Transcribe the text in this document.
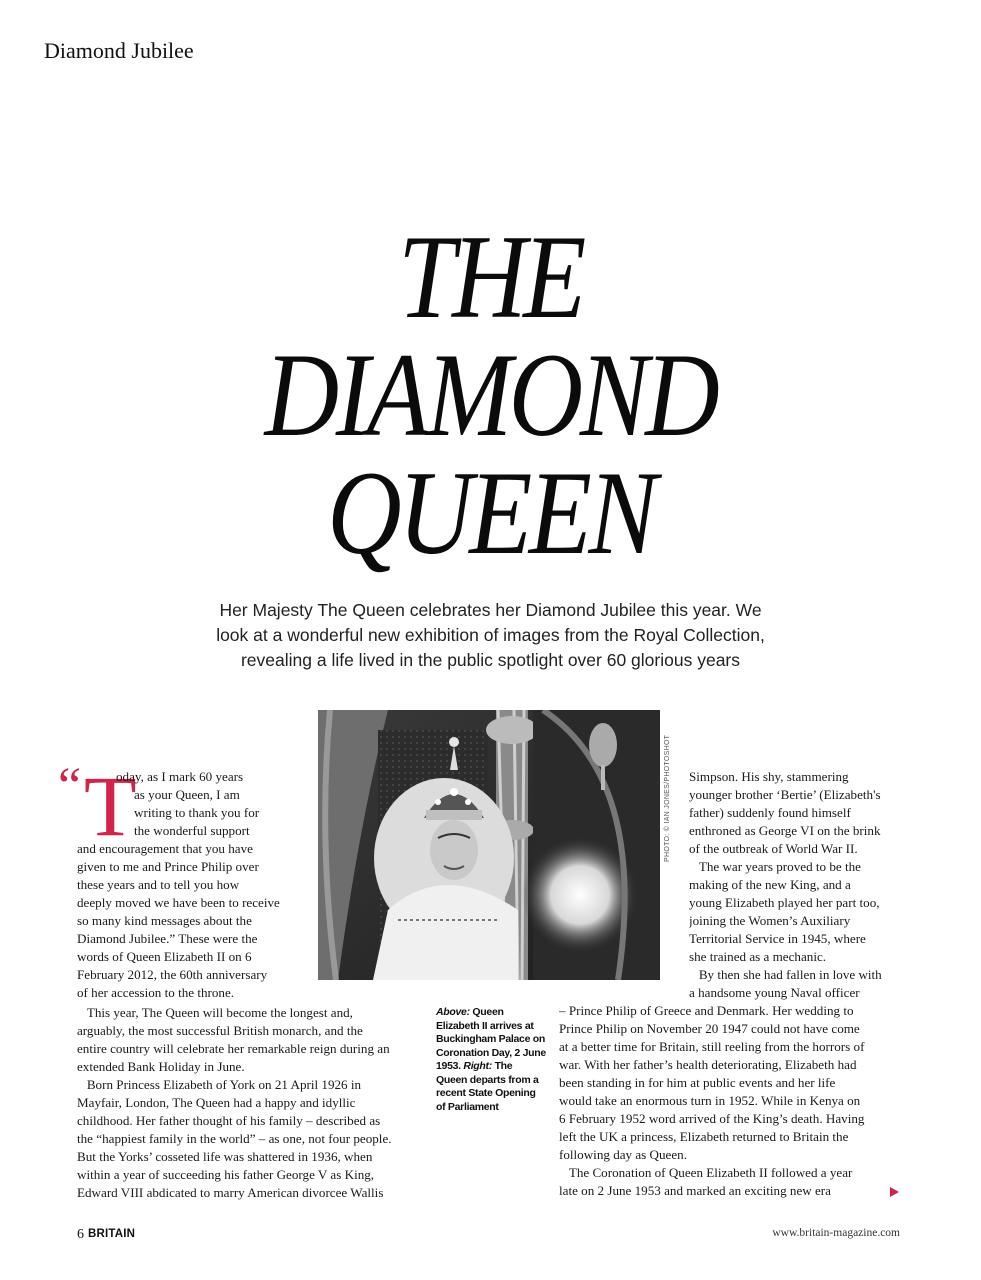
Diamond Jubilee
THE
DIAMOND
QUEEN
Her Majesty The Queen celebrates her Diamond Jubilee this year. We
look at a wonderful new exhibition of images from the Royal Collection,
revealing a life lived in the public spotlight over 60 glorious years
“ T
oday, as I mark 60 years
as your Queen, I am
writing to thank you for
the wonderful support
and encouragement that you have
given to me and Prince Philip over
these years and to tell you how
deeply moved we have been to receive
so many kind messages about the
Diamond Jubilee.” These were the
words of Queen Elizabeth II on 6
February 2012, the 60th anniversary
of her accession to the throne.
This year, The Queen will become the longest and,
arguably, the most successful British monarch, and the
entire country will celebrate her remarkable reign during an
extended Bank Holiday in June.
Born Princess Elizabeth of York on 21 April 1926 in
Mayfair, London, The Queen had a happy and idyllic
childhood. Her father thought of his family – described as
the “happiest family in the world” – as one, not four people.
But the Yorks’ cosseted life was shattered in 1936, when
within a year of succeeding his father George V as King,
Edward VIII abdicated to marry American divorcee Wallis
PHOTO: © IAN JONES/PHOTOSHOT Simpson. His shy, stammering
younger brother ‘Bertie’ (Elizabeth's
father) suddenly found himself
enthroned as George VI on the brink
of the outbreak of World War II.
The war years proved to be the
making of the new King, and a
young Elizabeth played her part too,
joining the Women’s Auxiliary
Territorial Service in 1945, where
she trained as a mechanic.
By then she had fallen in love with
a handsome young Naval officer
– Prince Philip of Greece and Denmark. Her wedding to
Prince Philip on November 20 1947 could not have come
at a better time for Britain, still reeling from the horrors of
war. With her father’s health deteriorating, Elizabeth had
been standing in for him at public events and her life
would take an enormous turn in 1952. While in Kenya on
6 February 1952 word arrived of the King’s death. Having
left the UK a princess, Elizabeth returned to Britain the
following day as Queen.
The Coronation of Queen Elizabeth II followed a year
late on 2 June 1953 and marked an exciting new era
Above: Queen Elizabeth II arrives at Buckingham Palace on Coronation Day, 2 June 1953. Right: The Queen departs from a recent State Opening of Parliament
6 BRITAIN	www.britain-magazine.com
